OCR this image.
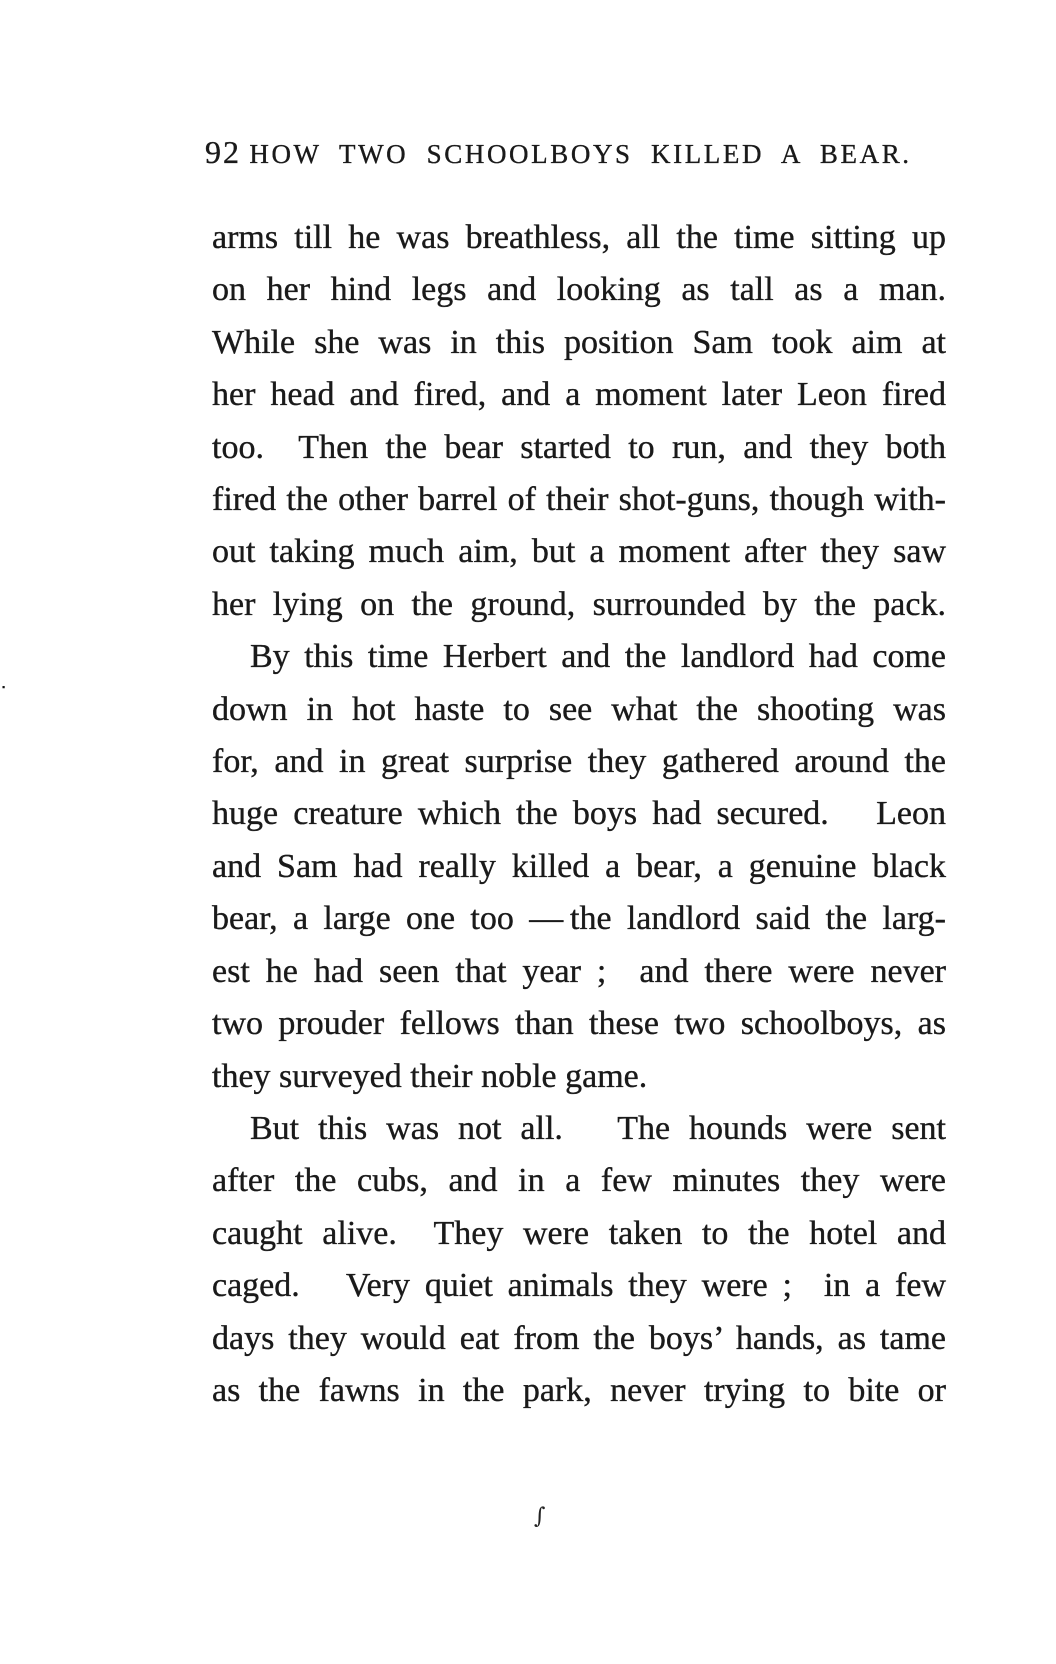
92 HOW TWO SCHOOLBOYS KILLED A BEAR.
arms till he was breathless, all the time sitting up
on her hind legs and looking as tall as a man.
While she was in this position Sam took aim at
her head and fired, and a moment later Leon fired
too.  Then the bear started to run, and they both
fired the other barrel of their shot-guns, though with-
out taking much aim, but a moment after they saw
her lying on the ground, surrounded by the pack.
By this time Herbert and the landlord had come
down in hot haste to see what the shooting was
for, and in great surprise they gathered around the
huge creature which the boys had secured.   Leon
and Sam had really killed a bear, a genuine black
bear, a large one too — the landlord said the larg-
est he had seen that year ;  and there were never
two prouder fellows than these two schoolboys, as
they surveyed their noble game.
But this was not all.   The hounds were sent
after the cubs, and in a few minutes they were
caught alive.  They were taken to the hotel and
caged.   Very quiet animals they were ;  in a few
days they would eat from the boys’ hands, as tame
as the fawns in the park, never trying to bite or
∫
▪
